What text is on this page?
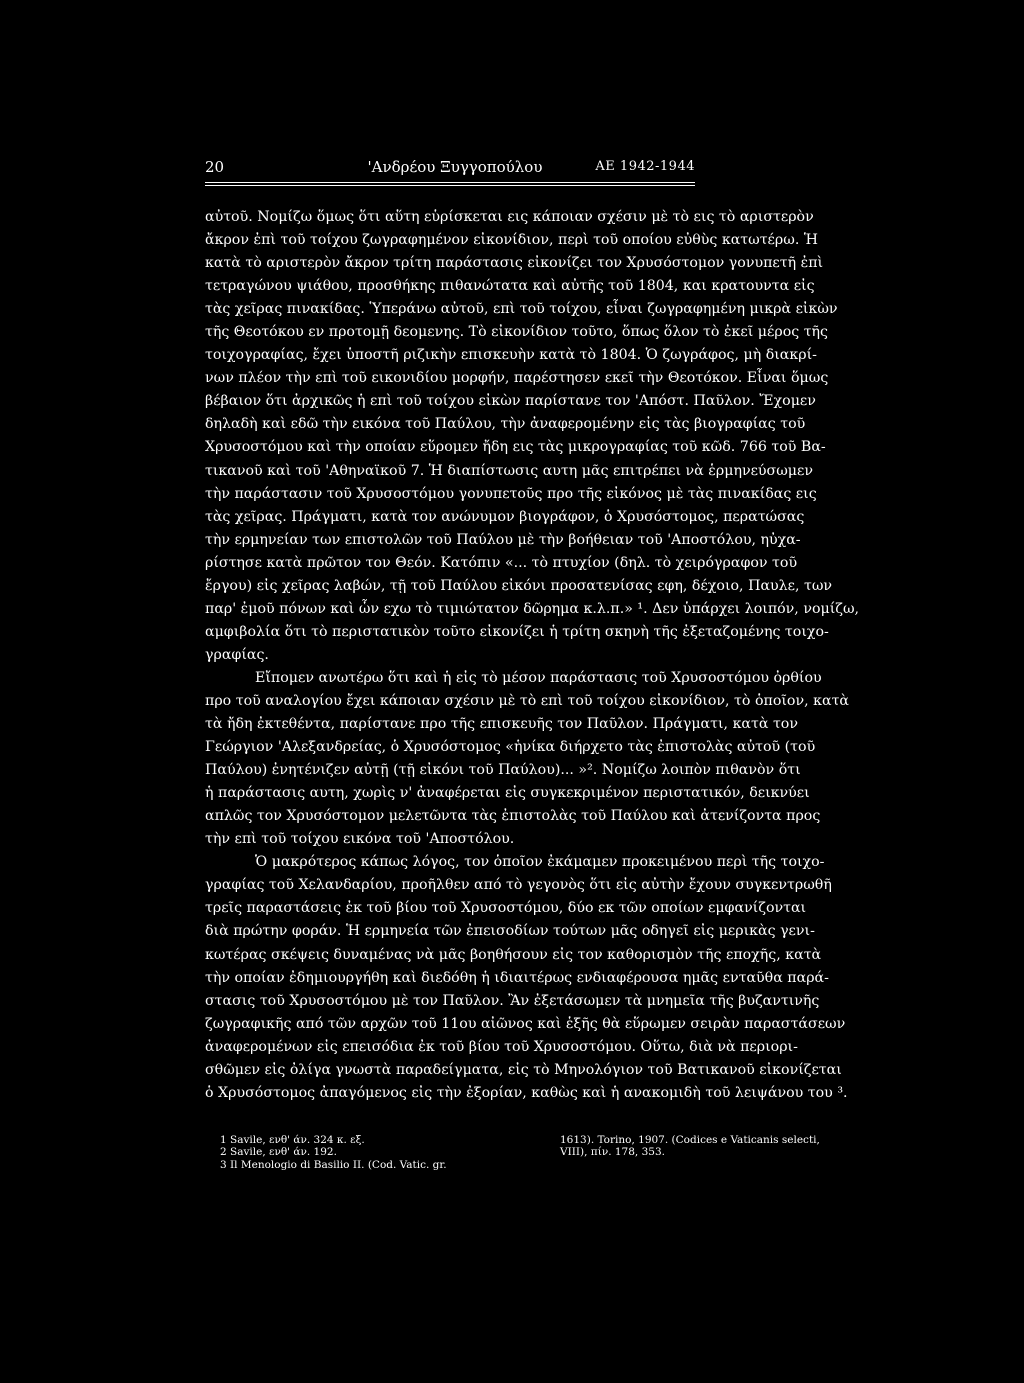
20	'Ανδρέου Ξυγγοπούλου	ΑΕ 1942-1944
αὐτοῦ. Νομίζω ὅμως ὅτι αὕτη εὑρίσκεται εις κάποιαν σχέσιν μὲ τὸ εις τὸ αριστερὸν
ἄκρον ἐπὶ τοῦ τοίχου ζωγραφημένον εἰκονίδιον, περὶ τοῦ οποίου εὐθὺς κατωτέρω. Ἡ
κατὰ τὸ αριστερὸν ἄκρον τρίτη παράστασις εἰκονίζει τον Χρυσόστομον γονυπετῆ ἐπὶ
τετραγώνου ψιάθου, προσθήκης πιθανώτατα καὶ αὐτῆς τοῦ 1804, και κρατουντα εἰς
τὰς χεῖρας πινακίδας. Ὑπεράνω αὐτοῦ, επὶ τοῦ τοίχου, εἶναι ζωγραφημένη μικρὰ εἰκὼν
τῆς Θεοτόκου εν προτομῇ δεομενης. Τὸ εἰκονίδιον τοῦτο, ὅπως ὅλον τὸ ἐκεῖ μέρος τῆς
τοιχογραφίας, ἔχει ὑποστῆ ριζικὴν επισκευὴν κατὰ τὸ 1804. Ὁ ζωγράφος, μὴ διακρί-
νων πλέον τὴν επὶ τοῦ εικονιδίου μορφήν, παρέστησεν εκεῖ τὴν Θεοτόκον. Εἶναι ὅμως
βέβαιον ὅτι ἀρχικῶς ἡ επὶ τοῦ τοίχου εἰκὼν παρίστανε τον 'Απόστ. Παῦλον. Ἔχομεν
δηλαδὴ καὶ εδῶ τὴν εικόνα τοῦ Παύλου, τὴν ἀναφερομένην εἰς τὰς βιογραφίας τοῦ
Χρυσοστόμου καὶ τὴν οποίαν εὕρομεν ἤδη εις τὰς μικρογραφίας τοῦ κῶδ. 766 τοῦ Βα-
τικανοῦ καὶ τοῦ 'Αθηναϊκοῦ 7. Ἡ διαπίστωσις αυτη μᾶς επιτρέπει νὰ ἑρμηνεύσωμεν
τὴν παράστασιν τοῦ Χρυσοστόμου γονυπετοῦς προ τῆς εἰκόνος μὲ τὰς πινακίδας εις
τὰς χεῖρας. Πράγματι, κατὰ τον ανώνυμον βιογράφον, ὁ Χρυσόστομος, περατώσας
τὴν ερμηνείαν των επιστολῶν τοῦ Παύλου μὲ τὴν βοήθειαν τοῦ 'Αποστόλου, ηὐχα-
ρίστησε κατὰ πρῶτον τον Θεόν. Κατόπιν «... τὸ πτυχίον (δηλ. τὸ χειρόγραφον τοῦ
ἔργου) εἰς χεῖρας λαβών, τῇ τοῦ Παύλου εἰκόνι προσατενίσας εφη, δέχοιο, Παυλε, των
παρ' ἐμοῦ πόνων καὶ ὧν εχω τὸ τιμιώτατον δῶρημα κ.λ.π.» ¹. Δεν ὑπάρχει λοιπόν, νομίζω,
αμφιβολία ὅτι τὸ περιστατικὸν τοῦτο εἰκονίζει ἡ τρίτη σκηνὴ τῆς ἐξεταζομένης τοιχο-
γραφίας.
Εἴπομεν ανωτέρω ὅτι καὶ ἡ εἰς τὸ μέσον παράστασις τοῦ Χρυσοστόμου ὀρθίου
προ τοῦ αναλογίου ἔχει κάποιαν σχέσιν μὲ τὸ επὶ τοῦ τοίχου εἰκονίδιον, τὸ ὁποῖον, κατὰ
τὰ ἤδη ἐκτεθέντα, παρίστανε προ τῆς επισκευῆς τον Παῦλον. Πράγματι, κατὰ τον
Γεώργιον 'Αλεξανδρείας, ὁ Χρυσόστομος «ἡνίκα διήρχετο τὰς ἐπιστολὰς αὐτοῦ (τοῦ
Παύλου) ἐνητένιζεν αὐτῇ (τῇ εἰκόνι τοῦ Παύλου)... »². Νομίζω λοιπὸν πιθανὸν ὅτι
ἡ παράστασις αυτη, χωρὶς ν' ἀναφέρεται εἰς συγκεκριμένον περιστατικόν, δεικνύει
απλῶς τον Χρυσόστομον μελετῶντα τὰς ἐπιστολὰς τοῦ Παύλου καὶ ἀτενίζοντα προς
τὴν επὶ τοῦ τοίχου εικόνα τοῦ 'Αποστόλου.
Ὁ μακρότερος κάπως λόγος, τον ὁποῖον ἐκάμαμεν προκειμένου περὶ τῆς τοιχο-
γραφίας τοῦ Χελανδαρίου, προῆλθεν από τὸ γεγονὸς ὅτι εἰς αὐτὴν ἔχουν συγκεντρωθῆ
τρεῖς παραστάσεις ἐκ τοῦ βίου τοῦ Χρυσοστόμου, δύο εκ τῶν οποίων εμφανίζονται
διὰ πρώτην φοράν. Ἡ ερμηνεία τῶν ἐπεισοδίων τούτων μᾶς οδηγεῖ εἰς μερικὰς γενι-
κωτέρας σκέψεις δυναμένας νὰ μᾶς βοηθήσουν εἰς τον καθορισμὸν τῆς εποχῆς, κατὰ
τὴν οποίαν ἐδημιουργήθη καὶ διεδόθη ἡ ιδιαιτέρως ενδιαφέρουσα ημᾶς ενταῦθα παρά-
στασις τοῦ Χρυσοστόμου μὲ τον Παῦλον. Ἂν ἐξετάσωμεν τὰ μνημεῖα τῆς βυζαντινῆς
ζωγραφικῆς από τῶν αρχῶν τοῦ 11ου αἰῶνος καὶ ἑξῆς θὰ εὕρωμεν σειρὰν παραστάσεων
ἀναφερομένων εἰς επεισόδια ἐκ τοῦ βίου τοῦ Χρυσοστόμου. Οὕτω, διὰ νὰ περιορι-
σθῶμεν εἰς ὀλίγα γνωστὰ παραδείγματα, εἰς τὸ Μηνολόγιον τοῦ Βατικανοῦ εἰκονίζεται
ὁ Χρυσόστομος ἀπαγόμενος εἰς τὴν ἐξορίαν, καθὼς καὶ ἡ ανακομιδὴ τοῦ λειψάνου του ³.
1 Savile, ενθ' άν. 324 κ. εξ.
2 Savile, ενθ' άν. 192.
3 Il Menologio di Basilio II. (Cod. Vatic. gr.
1613). Torino, 1907. (Codices e Vaticanis selecti,
VIII), πίν. 178, 353.
